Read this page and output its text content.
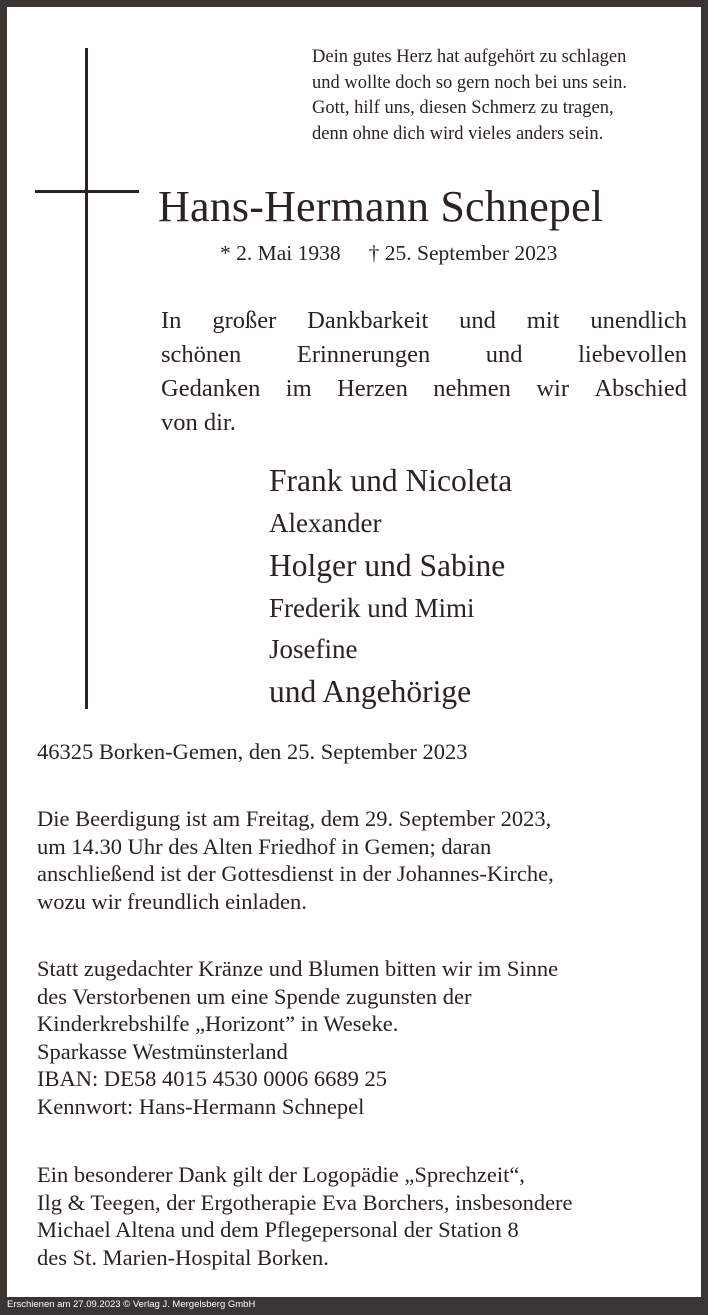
Dein gutes Herz hat aufgehört zu schlagen
und wollte doch so gern noch bei uns sein.
Gott, hilf uns, diesen Schmerz zu tragen,
denn ohne dich wird vieles anders sein.
Hans-Hermann Schnepel
* 2. Mai 1938 † 25. September 2023
In großer Dankbarkeit und mit unendlich
schönen Erinnerungen und liebevollen
Gedanken im Herzen nehmen wir Abschied
von dir.
Frank und Nicoleta
Alexander
Holger und Sabine
Frederik und Mimi
Josefine
und Angehörige
46325 Borken-Gemen, den 25. September 2023
Die Beerdigung ist am Freitag, dem 29. September 2023,
um 14.30 Uhr des Alten Friedhof in Gemen; daran
anschließend ist der Gottesdienst in der Johannes-Kirche,
wozu wir freundlich einladen.
Statt zugedachter Kränze und Blumen bitten wir im Sinne
des Verstorbenen um eine Spende zugunsten der
Kinderkrebshilfe „Horizont” in Weseke.
Sparkasse Westmünsterland
IBAN: DE58 4015 4530 0006 6689 25
Kennwort: Hans-Hermann Schnepel
Ein besonderer Dank gilt der Logopädie „Sprechzeit“,
Ilg & Teegen, der Ergotherapie Eva Borchers, insbesondere
Michael Altena und dem Pflegepersonal der Station 8
des St. Marien-Hospital Borken.
Erschienen am 27.09.2023 © Verlag J. Mergelsberg GmbH
